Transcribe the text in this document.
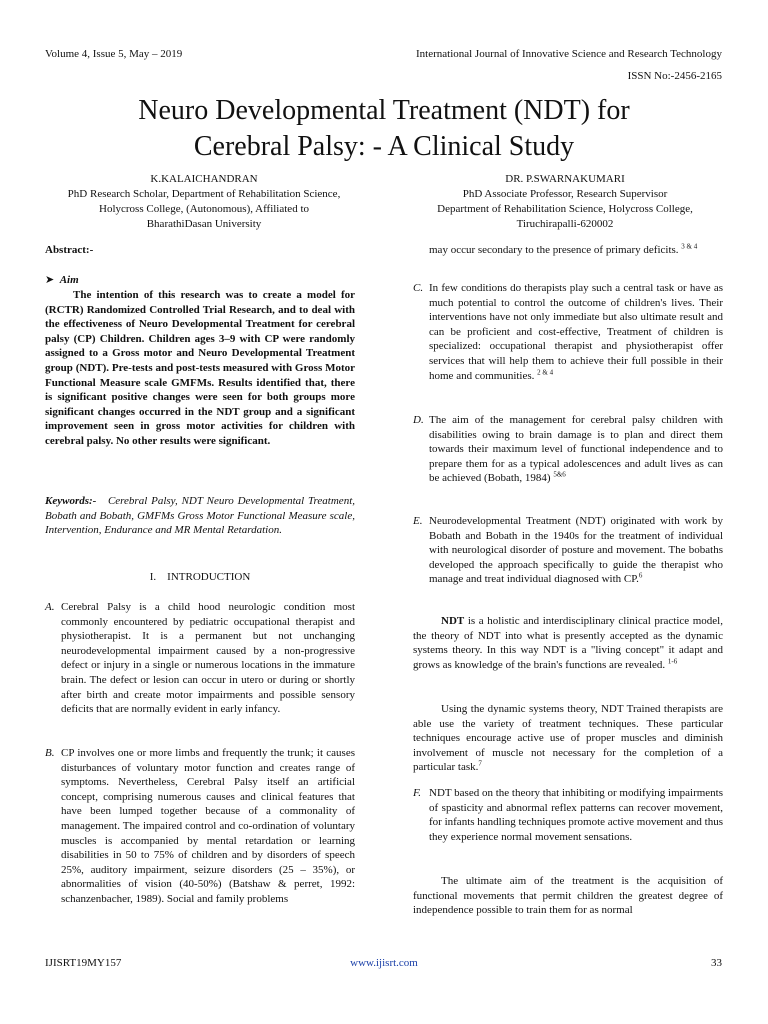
Volume 4, Issue 5, May – 2019	International Journal of Innovative Science and Research Technology
ISSN No:-2456-2165
Neuro Developmental Treatment (NDT) for
Cerebral Palsy: - A Clinical Study
K.KALAICHANDRAN
PhD Research Scholar, Department of Rehabilitation Science,
Holycross College, (Autonomous), Affiliated to
BharathiDasan University
DR. P.SWARNAKUMARI
PhD Associate Professor, Research Supervisor
Department of Rehabilitation Science, Holycross College,
Tiruchirapalli-620002
Abstract:-
➤ Aim
The intention of this research was to create a model for (RCTR) Randomized Controlled Trial Research, and to deal with the effectiveness of Neuro Developmental Treatment for cerebral palsy (CP) Children. Children ages 3–9 with CP were randomly assigned to a Gross motor and Neuro Developmental Treatment group (NDT). Pre-tests and post-tests measured with Gross Motor Functional Measure scale GMFMs. Results identified that, there is significant positive changes were seen for both groups more significant changes occurred in the NDT group and a significant improvement seen in gross motor activities for children with cerebral palsy. No other results were significant.
Keywords:- Cerebral Palsy, NDT Neuro Developmental Treatment, Bobath and Bobath, GMFMs Gross Motor Functional Measure scale, Intervention, Endurance and MR Mental Retardation.
I. INTRODUCTION
A. Cerebral Palsy is a child hood neurologic condition most commonly encountered by pediatric occupational therapist and physiotherapist. It is a permanent but not unchanging neurodevelopmental impairment caused by a non-progressive defect or injury in a single or numerous locations in the immature brain. The defect or lesion can occur in utero or during or shortly after birth and create motor impairments and possible sensory deficits that are normally evident in early infancy.
B. CP involves one or more limbs and frequently the trunk; it causes disturbances of voluntary motor function and creates range of symptoms. Nevertheless, Cerebral Palsy itself an artificial concept, comprising numerous causes and clinical features that have been lumped together because of a commonality of management. The impaired control and co-ordination of voluntary muscles is accompanied by mental retardation or learning disabilities in 50 to 75% of children and by disorders of speech 25%, auditory impairment, seizure disorders (25 – 35%), or abnormalities of vision (40-50%) (Batshaw & perret, 1992: schanzenbacher, 1989). Social and family problems
may occur secondary to the presence of primary deficits. $^{3 \& 4}$
C. In few conditions do therapists play such a central task or have as much potential to control the outcome of children's lives. Their interventions have not only immediate but also ultimate result and can be proficient and cost-effective, Treatment of children is specialized: occupational therapist and physiotherapist offer services that will help them to achieve their full possible in their home and communities. $^{2 \& 4}$
D. The aim of the management for cerebral palsy children with disabilities owing to brain damage is to plan and direct them towards their maximum level of functional independence and to prepare them for as a typical adolescences and adult lives as can be achieved (Bobath, 1984) $^{5\&6}$
E. Neurodevelopmental Treatment (NDT) originated with work by Bobath and Bobath in the 1940s for the treatment of individual with neurological disorder of posture and movement. The bobaths developed the approach specifically to guide the therapist who manage and treat individual diagnosed with CP.$^6$
NDT is a holistic and interdisciplinary clinical practice model, the theory of NDT into what is presently accepted as the dynamic systems theory. In this way NDT is a "living concept" it adapt and grows as knowledge of the brain's functions are revealed. $^{1-6}$
Using the dynamic systems theory, NDT Trained therapists are able use the variety of treatment techniques. These particular techniques encourage active use of proper muscles and diminish involvement of muscle not necessary for the completion of a particular task.$^7$
F. NDT based on the theory that inhibiting or modifying impairments of spasticity and abnormal reflex patterns can recover movement, for infants handling techniques promote active movement and thus they experience normal movement sensations.
The ultimate aim of the treatment is the acquisition of functional movements that permit children the greatest degree of independence possible to train them for as normal
IJISRT19MY157	www.ijisrt.com	33
